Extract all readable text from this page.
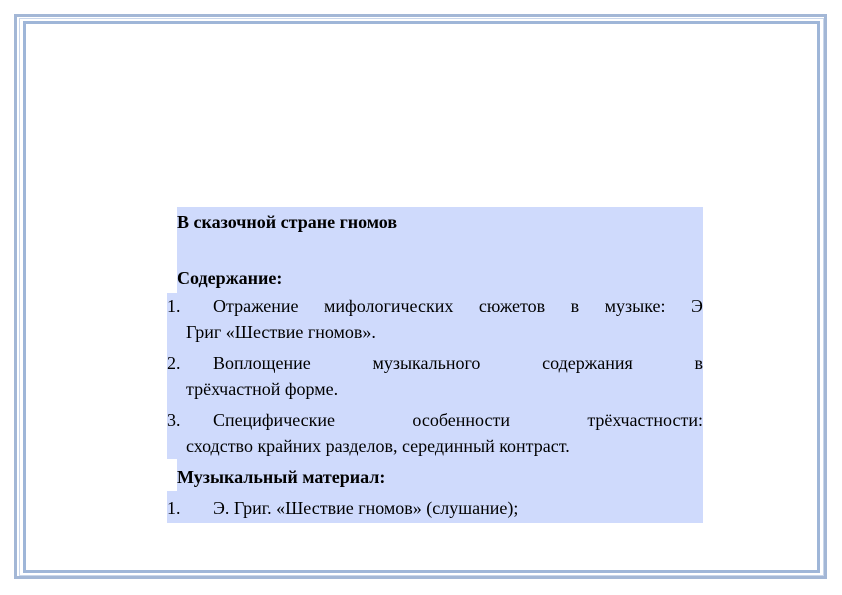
В сказочной стране гномов
Содержание:
1.	Отражение мифологических сюжетов в музыке: Э
Григ «Шествие гномов».
2.	Воплощение	музыкального	содержания	в
трёхчастной форме.
3.	Специфические	особенности	трёхчастности:
сходство крайних разделов, серединный контраст.
Музыкальный материал:
1.	Э. Григ. «Шествие гномов» (слушание);
